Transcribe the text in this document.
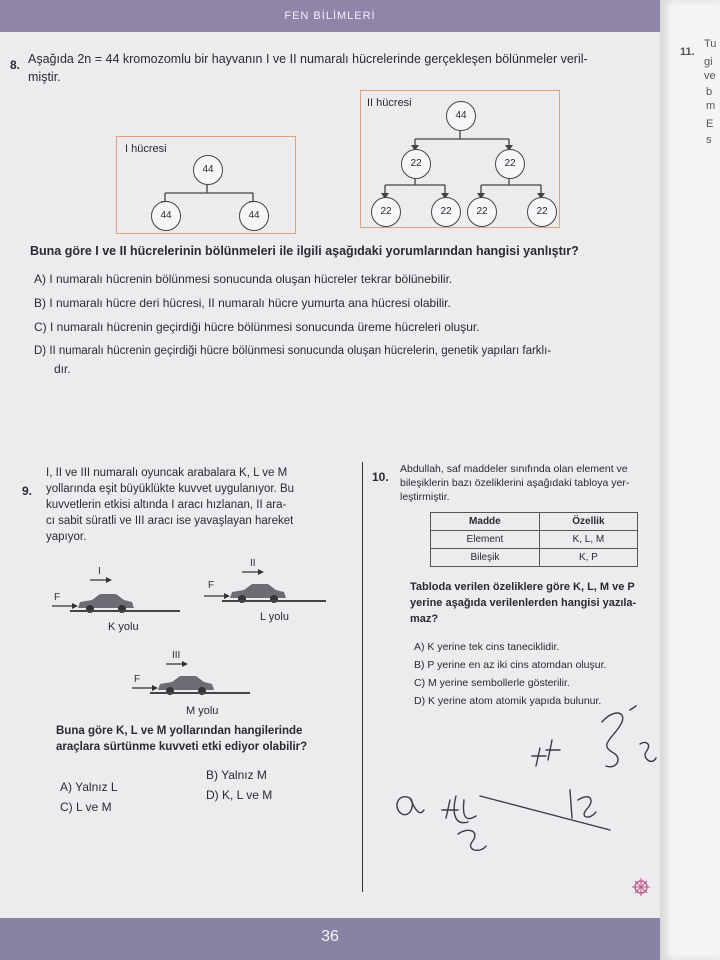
FEN BİLİMLERİ
8. Aşağıda 2n = 44 kromozomlu bir hayvanın I ve II numaralı hücrelerinde gerçekleşen bölünmeler veril-
miştir.
I hücresi
44
44	44
II hücresi
44
22	22
22	22	22	22
Buna göre I ve II hücrelerinin bölünmeleri ile ilgili aşağıdaki yorumlarından hangisi yanlıştır?
A) I numaralı hücrenin bölünmesi sonucunda oluşan hücreler tekrar bölünebilir.
B) I numaralı hücre deri hücresi, II numaralı hücre yumurta ana hücresi olabilir.
C) I numaralı hücrenin geçirdiği hücre bölünmesi sonucunda üreme hücreleri oluşur.
D) II numaralı hücrenin geçirdiği hücre bölünmesi sonucunda oluşan hücrelerin, genetik yapıları farklı-
dır.
9.
I, II ve III numaralı oyuncak arabalara K, L ve M
yollarında eşit büyüklükte kuvvet uygulanıyor. Bu
kuvvetlerin etkisi altında I aracı hızlanan, II ara-
cı sabit süratli ve III aracı ise yavaşlayan hareket
yapıyor.
I
F
K yolu
II
F
L yolu
III
F
M yolu
Buna göre K, L ve M yollarından hangilerinde
araçlara sürtünme kuvveti etki ediyor olabilir?
A) Yalnız L
B) Yalnız M
C) L ve M
D) K, L ve M
10.
Abdullah, saf maddeler sınıfında olan element ve
bileşiklerin bazı özeliklerini aşağıdaki tabloya yer-
leştirmiştir.
Madde	Özellik
Element	K, L, M
Bileşik	K, P
Tabloda verilen özeliklere göre K, L, M ve P
yerine aşağıda verilenlerden hangisi yazıla-
maz?
A) K yerine tek cins taneciklidir.
B) P yerine en az iki cins atomdan oluşur.
C) M yerine sembollerle gösterilir.
D) K yerine atom atomik yapıda bulunur.
36
11.
Tu
gi
ve
b
m
E
s
